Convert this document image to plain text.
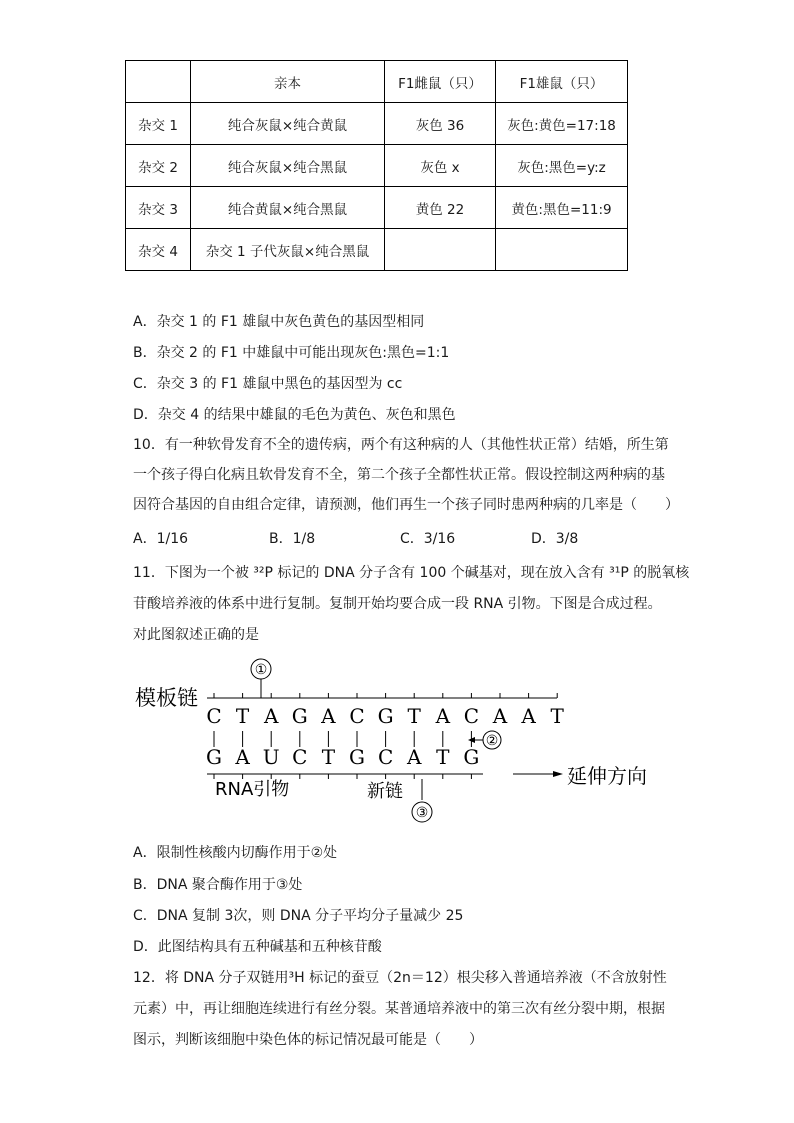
	亲本	F1雌鼠（只）	F1雄鼠（只）
杂交 1	纯合灰鼠×纯合黄鼠	灰色 36	灰色:黄色=17:18
杂交 2	纯合灰鼠×纯合黑鼠	灰色 x	灰色:黑色=y:z
杂交 3	纯合黄鼠×纯合黑鼠	黄色 22	黄色:黑色=11:9
杂交 4	杂交 1 子代灰鼠×纯合黑鼠		
A．杂交 1 的 F1 雄鼠中灰色黄色的基因型相同
B．杂交 2 的 F1 中雄鼠中可能出现灰色:黑色=1:1
C．杂交 3 的 F1 雄鼠中黑色的基因型为 cc
D．杂交 4 的结果中雄鼠的毛色为黄色、灰色和黑色
10．有一种软骨发育不全的遗传病，两个有这种病的人（其他性状正常）结婚，所生第
一个孩子得白化病且软骨发育不全，第二个孩子全都性状正常。假设控制这两种病的基
因符合基因的自由组合定律，请预测，他们再生一个孩子同时患两种病的几率是（　　）
A．1/16	B．1/8	C．3/16	D．3/8
11．下图为一个被 ³²P 标记的 DNA 分子含有 100 个碱基对，现在放入含有 ³¹P 的脱氧核
苷酸培养液的体系中进行复制。复制开始均要合成一段 RNA 引物。下图是合成过程。
对此图叙述正确的是
①
模板链
C T A G A C G T A C A A T
②
G A U C T G C A T G
延伸方向
RNA引物	新链
③
A．限制性核酸内切酶作用于②处
B．DNA 聚合酶作用于③处
C．DNA 复制 3次，则 DNA 分子平均分子量减少 25
D．此图结构具有五种碱基和五种核苷酸
12．将 DNA 分子双链用³H 标记的蚕豆（2n＝12）根尖移入普通培养液（不含放射性
元素）中，再让细胞连续进行有丝分裂。某普通培养液中的第三次有丝分裂中期，根据
图示，判断该细胞中染色体的标记情况最可能是（　　）
